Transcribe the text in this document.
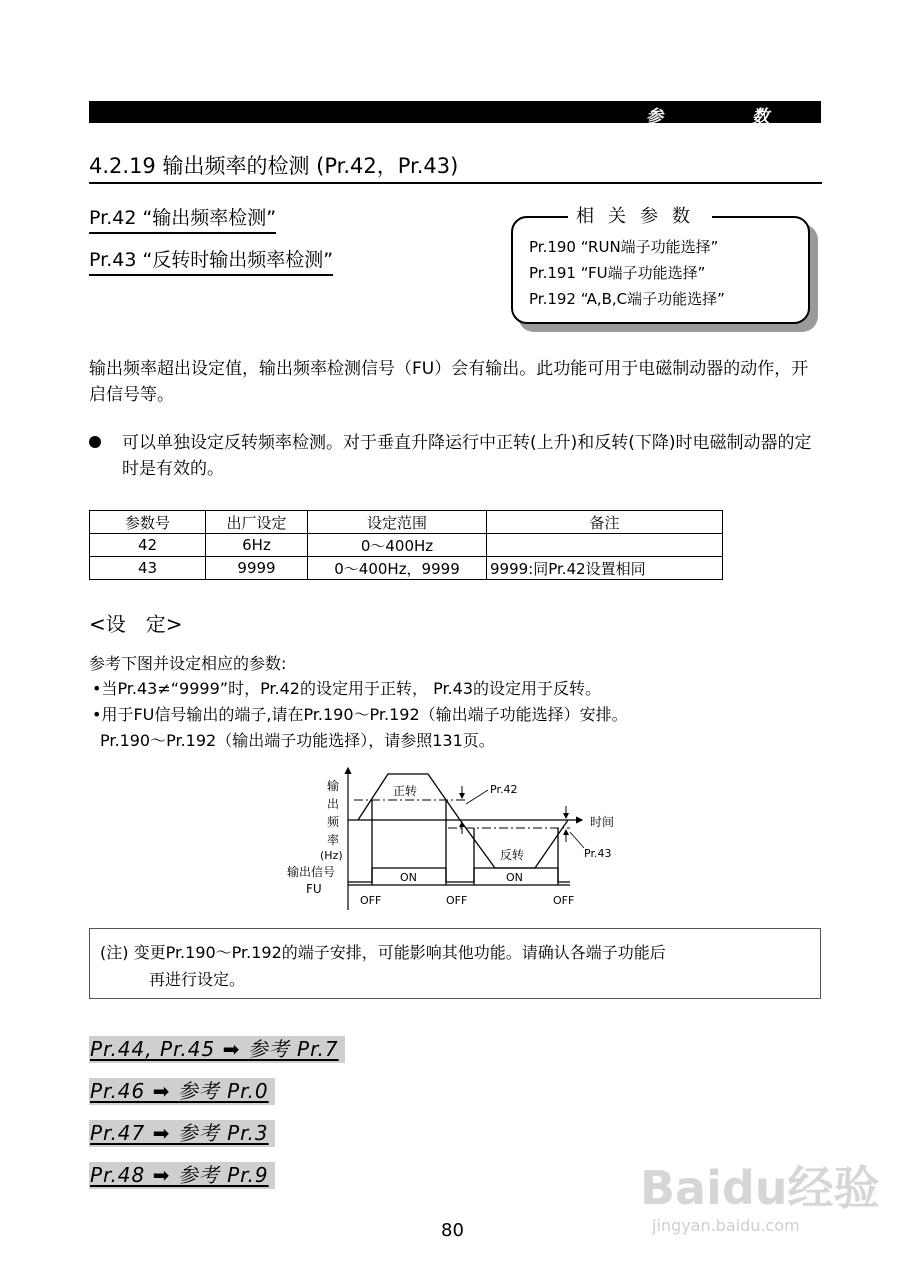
参	数
4.2.19 输出频率的检测 (Pr.42，Pr.43)
Pr.42 “输出频率检测”
Pr.43 “反转时输出频率检测”
相关参数
Pr.190 “RUN端子功能选择”
Pr.191 “FU端子功能选择”
Pr.192 “A,B,C端子功能选择”
输出频率超出设定值，输出频率检测信号（FU）会有输出。此功能可用于电磁制动器的动作，开启信号等。
可以单独设定反转频率检测。对于垂直升降运行中正转(上升)和反转(下降)时电磁制动器的定时是有效的。
参数号	出厂设定	设定范围	备注
42	6Hz	0～400Hz	
43	9999	0～400Hz，9999	9999:同Pr.42设置相同
<设　定>
参考下图并设定相应的参数:
•当Pr.43≠“9999”时，Pr.42的设定用于正转， Pr.43的设定用于反转。
•用于FU信号输出的端子,请在Pr.190～Pr.192（输出端子功能选择）安排。
Pr.190～Pr.192（输出端子功能选择），请参照131页。
输
出
频
率
(Hz)
输出信号
FU
正转
反转
Pr.42
Pr.43
时间
ON	ON
OFF	OFF	OFF
(注) 变更Pr.190～Pr.192的端子安排，可能影响其他功能。请确认各端子功能后
再进行设定。
Pr.44, Pr.45 ➡ 参考 Pr.7
Pr.46 ➡ 参考 Pr.0
Pr.47 ➡ 参考 Pr.3
Pr.48 ➡ 参考 Pr.9	Baidu经验
jingyan.baidu.com
80
